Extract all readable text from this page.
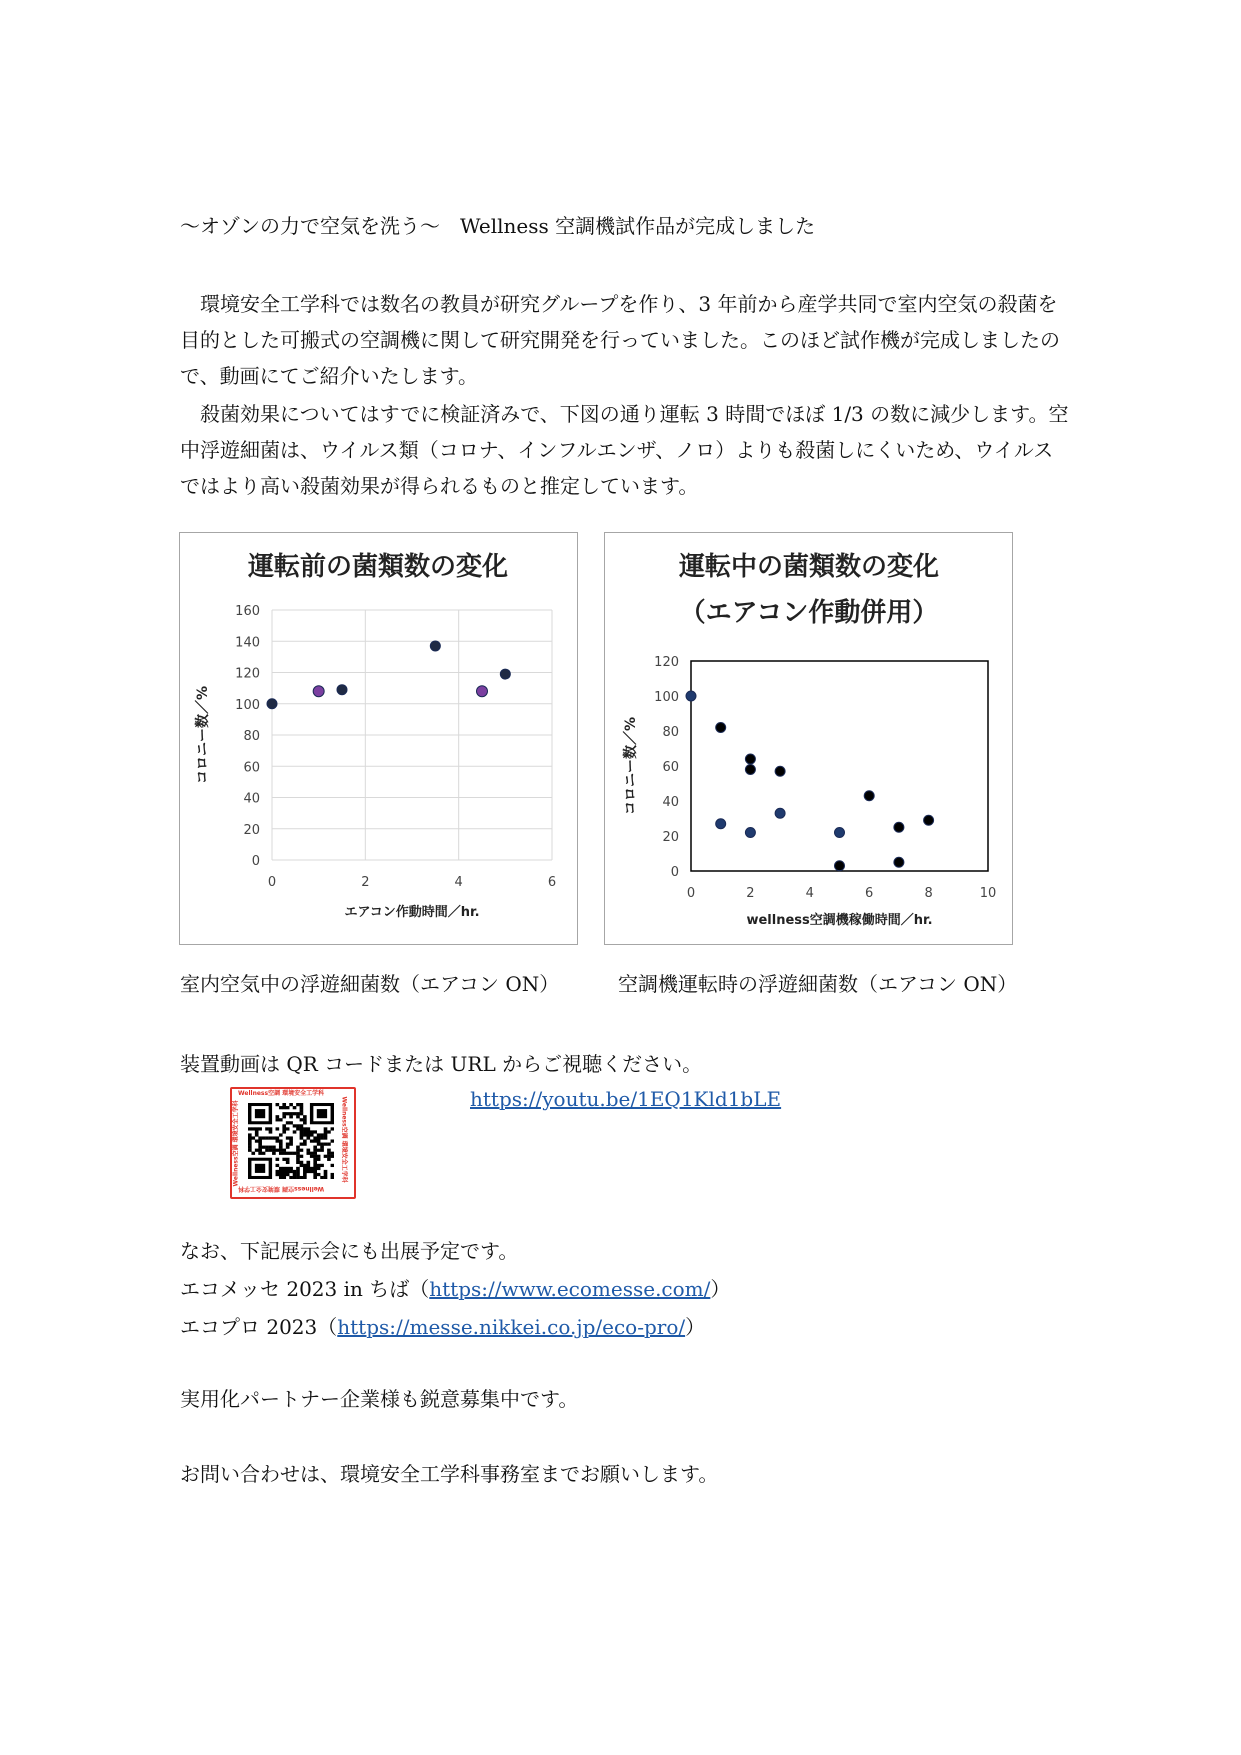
〜オゾンの力で空気を洗う〜　Wellness 空調機試作品が完成しました
　環境安全工学科では数名の教員が研究グループを作り、3 年前から産学共同で室内空気の殺菌を目的とした可搬式の空調機に関して研究開発を行っていました。このほど試作機が完成しましたので、動画にてご紹介いたします。
　殺菌効果についてはすでに検証済みで、下図の通り運転 3 時間でほぼ 1/3 の数に減少します。空中浮遊細菌は、ウイルス類（コロナ、インフルエンザ、ノロ）よりも殺菌しにくいため、ウイルスではより高い殺菌効果が得られるものと推定しています。
運転前の菌類数の変化
0
20
40
60
80
100
120
140
160
0	2	4	6
エアコン作動時間／hr.
コロニー数／%
運転中の菌類数の変化
（エアコン作動併用）
0
20
40
60
80
100
120
0	2	4	6	8	10
wellness空調機稼働時間／hr.
コロニー数／%
室内空気中の浮遊細菌数（エアコン ON）	空調機運転時の浮遊細菌数（エアコン ON）
装置動画は QR コードまたは URL からご視聴ください。
Wellness空調 環境安全工学科
Wellness空調 環境安全工学科
Wellness空調 環境安全工学科	Wellness空調 環境安全工学科	https://youtu.be/1EQ1Kld1bLE
なお、下記展示会にも出展予定です。
エコメッセ 2023 in ちば（https://www.ecomesse.com/）
エコプロ 2023（https://messe.nikkei.co.jp/eco-pro/）
実用化パートナー企業様も鋭意募集中です。
お問い合わせは、環境安全工学科事務室までお願いします。
